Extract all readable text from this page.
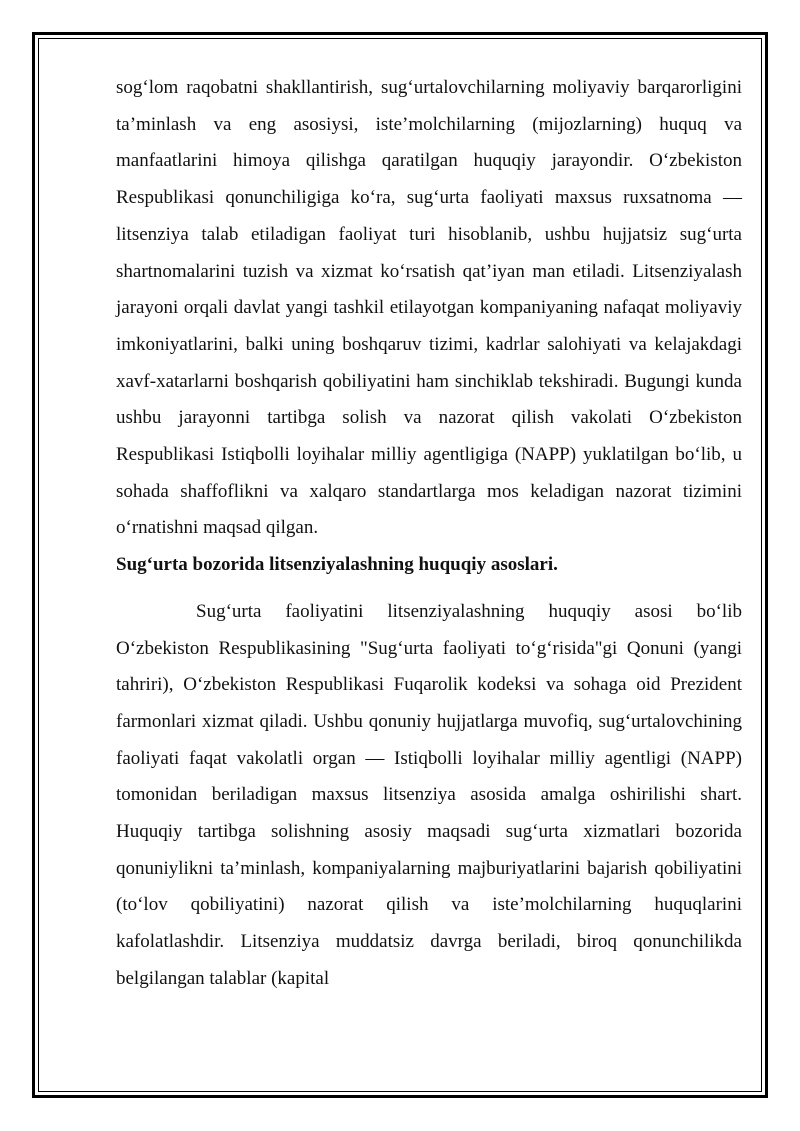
sog‘lom raqobatni shakllantirish, sug‘urtalovchilarning moliyaviy barqarorligini ta’minlash va eng asosiysi, iste’molchilarning (mijozlarning) huquq va manfaatlarini himoya qilishga qaratilgan huquqiy jarayondir. O‘zbekiston Respublikasi qonunchiligiga ko‘ra, sug‘urta faoliyati maxsus ruxsatnoma — litsenziya talab etiladigan faoliyat turi hisoblanib, ushbu hujjatsiz sug‘urta shartnomalarini tuzish va xizmat ko‘rsatish qat’iyan man etiladi. Litsenziyalash jarayoni orqali davlat yangi tashkil etilayotgan kompaniyaning nafaqat moliyaviy imkoniyatlarini, balki uning boshqaruv tizimi, kadrlar salohiyati va kelajakdagi xavf-xatarlarni boshqarish qobiliyatini ham sinchiklab tekshiradi. Bugungi kunda ushbu jarayonni tartibga solish va nazorat qilish vakolati O‘zbekiston Respublikasi Istiqbolli loyihalar milliy agentligiga (NAPP) yuklatilgan bo‘lib, u sohada shaffoflikni va xalqaro standartlarga mos keladigan nazorat tizimini o‘rnatishni maqsad qilgan.

Sug‘urta bozorida litsenziyalashning huquqiy asoslari.

Sug‘urta faoliyatini litsenziyalashning huquqiy asosi bo‘lib O‘zbekiston Respublikasining "Sug‘urta faoliyati to‘g‘risida"gi Qonuni (yangi tahriri), O‘zbekiston Respublikasi Fuqarolik kodeksi va sohaga oid Prezident farmonlari xizmat qiladi. Ushbu qonuniy hujjatlarga muvofiq, sug‘urtalovchining faoliyati faqat vakolatli organ — Istiqbolli loyihalar milliy agentligi (NAPP) tomonidan beriladigan maxsus litsenziya asosida amalga oshirilishi shart. Huquqiy tartibga solishning asosiy maqsadi sug‘urta xizmatlari bozorida qonuniylikni ta’minlash, kompaniyalarning majburiyatlarini bajarish qobiliyatini (to‘lov qobiliyatini) nazorat qilish va iste’molchilarning huquqlarini kafolatlashdir. Litsenziya muddatsiz davrga beriladi, biroq qonunchilikda belgilangan talablar (kapital
